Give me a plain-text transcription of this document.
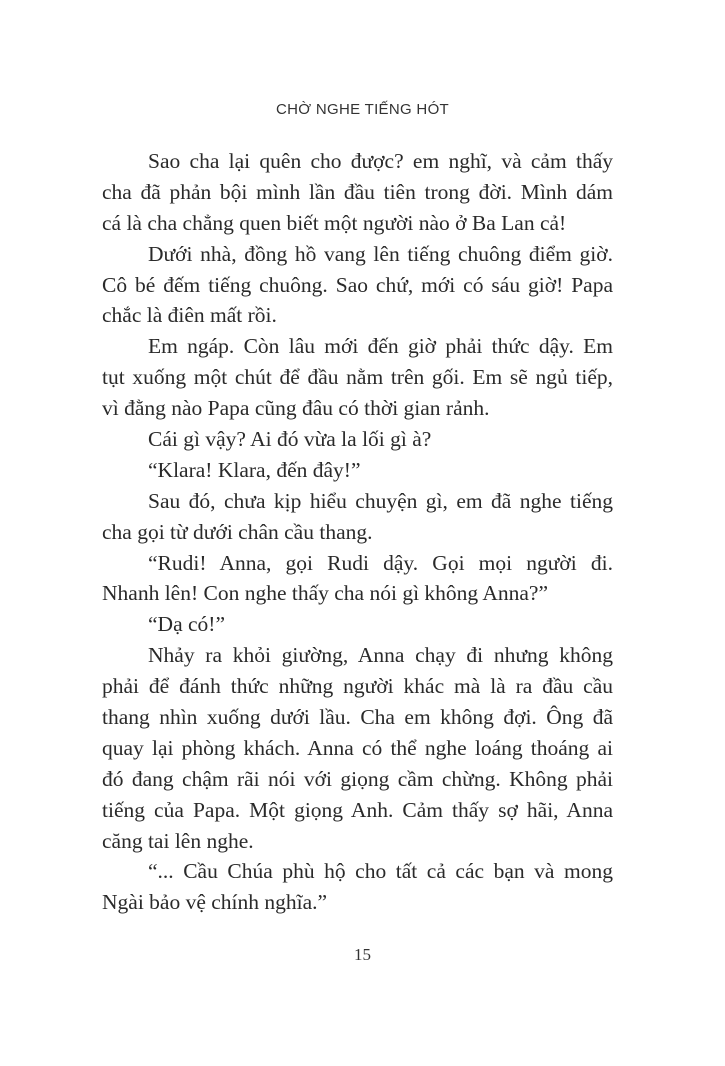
CHỜ NGHE TIẾNG HÓT
Sao cha lại quên cho được? em nghĩ, và cảm thấy
cha đã phản bội mình lần đầu tiên trong đời. Mình dám
cá là cha chẳng quen biết một người nào ở Ba Lan cả!
Dưới nhà, đồng hồ vang lên tiếng chuông điểm giờ.
Cô bé đếm tiếng chuông. Sao chứ, mới có sáu giờ! Papa
chắc là điên mất rồi.
Em ngáp. Còn lâu mới đến giờ phải thức dậy. Em
tụt xuống một chút để đầu nằm trên gối. Em sẽ ngủ tiếp,
vì đằng nào Papa cũng đâu có thời gian rảnh.
Cái gì vậy? Ai đó vừa la lối gì à?
“Klara! Klara, đến đây!”
Sau đó, chưa kịp hiểu chuyện gì, em đã nghe tiếng
cha gọi từ dưới chân cầu thang.
“Rudi! Anna, gọi Rudi dậy. Gọi mọi người đi.
Nhanh lên! Con nghe thấy cha nói gì không Anna?”
“Dạ có!”
Nhảy ra khỏi giường, Anna chạy đi nhưng không
phải để đánh thức những người khác mà là ra đầu cầu
thang nhìn xuống dưới lầu. Cha em không đợi. Ông đã
quay lại phòng khách. Anna có thể nghe loáng thoáng ai
đó đang chậm rãi nói với giọng cầm chừng. Không phải
tiếng của Papa. Một giọng Anh. Cảm thấy sợ hãi, Anna
căng tai lên nghe.
“... Cầu Chúa phù hộ cho tất cả các bạn và mong
Ngài bảo vệ chính nghĩa.”
15
